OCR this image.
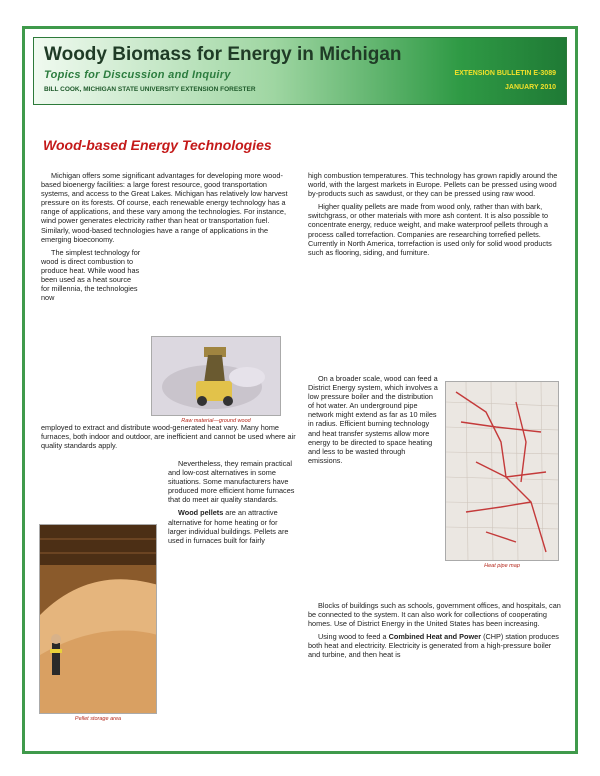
Woody Biomass for Energy in Michigan
Topics for Discussion and Inquiry
BILL COOK, MICHIGAN STATE UNIVERSITY EXTENSION FORESTER
EXTENSION BULLETIN E-3089
JANUARY 2010
Wood-based Energy Technologies

Michigan offers some significant advantages for developing more wood-based bioenergy facilities: a large forest resource, good transportation systems, and access to the Great Lakes. Michigan has relatively low harvest pressure on its forests. Of course, each renewable energy technology has a range of applications, and these vary among the technologies. For instance, wind power generates electricity rather than heat or transportation fuel. Similarly, wood-based technologies have a range of applications in the emerging bioeconomy.

The simplest technology for wood is direct combustion to produce heat. While wood has been used as a heat source for millennia, the technologies now

employed to extract and distribute wood-generated heat vary. Many home furnaces, both indoor and outdoor, are inefficient and cannot be used where air quality standards apply.

Nevertheless, they remain practical and low-cost alternatives in some situations. Some manufacturers have produced more efficient home furnaces that do meet air quality standards.

Wood pellets are an attractive alternative for home heating or for larger individual buildings. Pellets are used in furnaces built for fairly

high combustion temperatures. This technology has grown rapidly around the world, with the largest markets in Europe. Pellets can be pressed using wood by-products such as sawdust, or they can be pressed using raw wood.

Higher quality pellets are made from wood only, rather than with bark, switchgrass, or other materials with more ash content. It is also possible to concentrate energy, reduce weight, and make waterproof pellets through a process called torrefaction. Companies are researching torrefied pellets. Currently in North America, torrefaction is used only for solid wood products such as flooring, siding, and furniture.

On a broader scale, wood can feed a District Energy system, which involves a low pressure boiler and the distribution of hot water. An underground pipe network might extend as far as 10 miles in radius. Efficient burning technology and heat transfer systems allow more energy to be directed to space heating and less to be wasted through emissions.

Blocks of buildings such as schools, government offices, and hospitals, can be connected to the system. It can also work for collections of cooperating homes. Use of District Energy in the United States has been increasing.

Using wood to feed a Combined Heat and Power (CHP) station produces both heat and electricity. Electricity is generated from a high-pressure boiler and turbine, and then heat is

Raw material—ground wood
Pellet storage area
Heat pipe map
